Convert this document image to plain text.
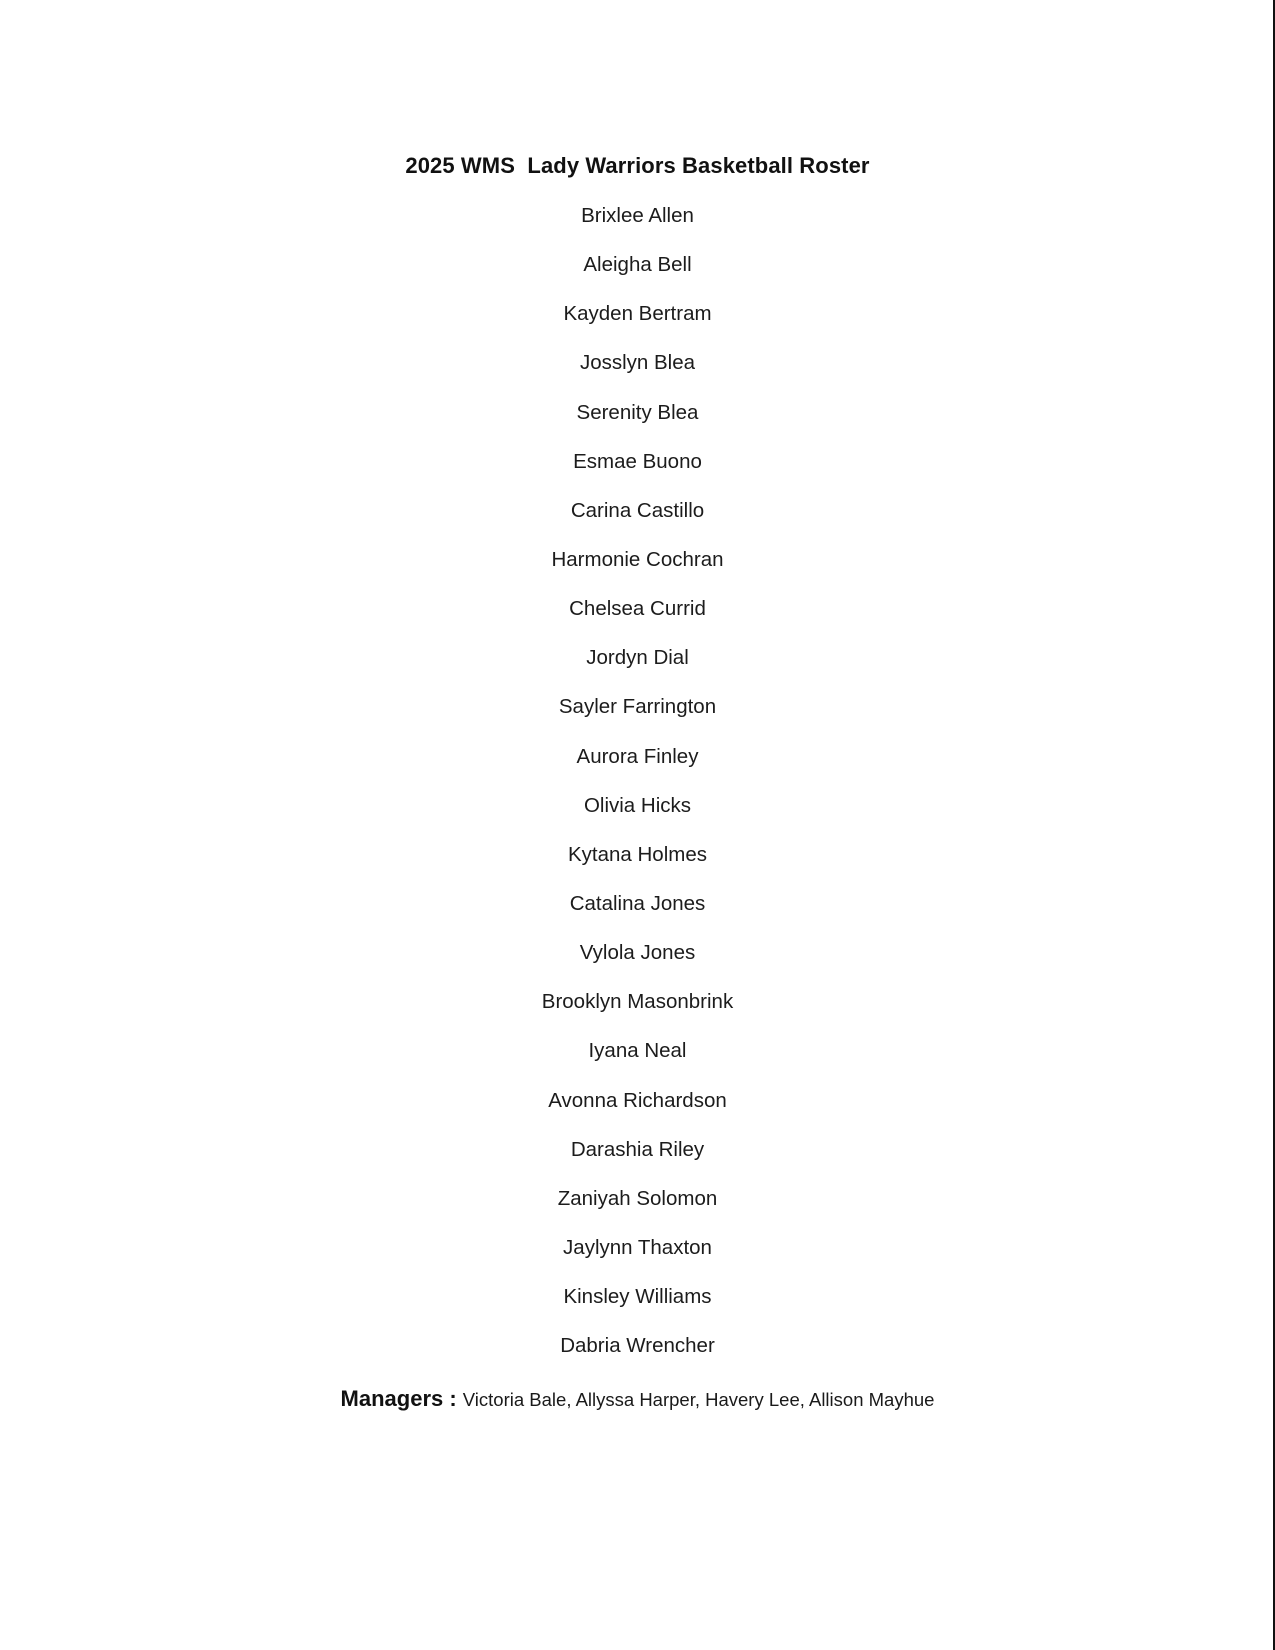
2025 WMS  Lady Warriors Basketball Roster
Brixlee Allen
Aleigha Bell
Kayden Bertram
Josslyn Blea
Serenity Blea
Esmae Buono
Carina Castillo
Harmonie Cochran
Chelsea Currid
Jordyn Dial
Sayler Farrington
Aurora Finley
Olivia Hicks
Kytana Holmes
Catalina Jones
Vylola Jones
Brooklyn Masonbrink
Iyana Neal
Avonna Richardson
Darashia Riley
Zaniyah Solomon
Jaylynn Thaxton
Kinsley Williams
Dabria Wrencher
Managers : Victoria Bale, Allyssa Harper, Havery Lee, Allison Mayhue
